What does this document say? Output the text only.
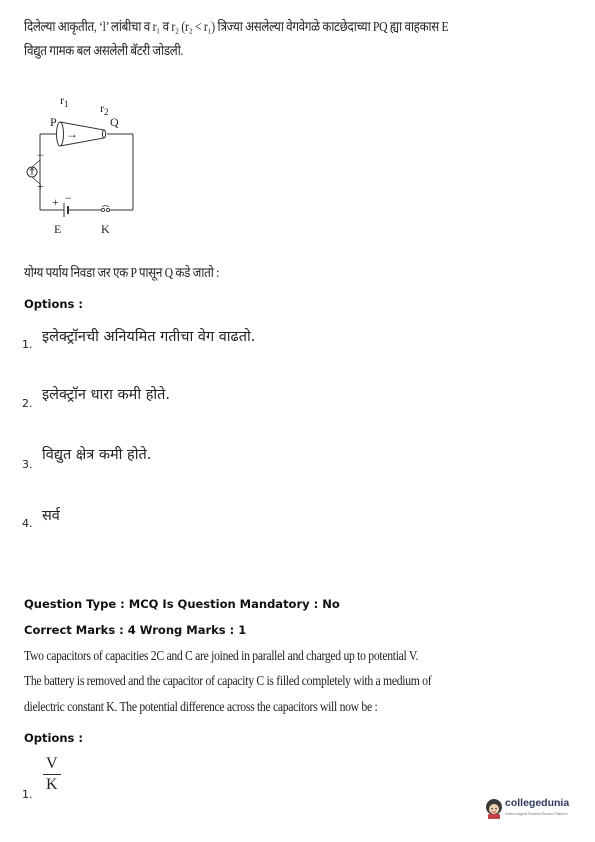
दिलेल्या आकृतीत, ‘l’ लांबीचा व r₁ व r₂ (r₂ < r₁) त्रिज्या असलेल्या वेगवेगळे काटछेदाच्या PQ ह्या वाहकास E
विद्युत गामक बल असलेली बॅटरी जोडली.
→
$r_1$	$r_2$
P	Q
−
+
+ −
E	K
योग्य पर्याय निवडा जर एक P पासून Q कडे जातो :
Options :
1. इलेक्ट्रॉनची अनियमित गतीचा वेग वाढतो.
2.
इलेक्ट्रॉन धारा कमी होते.
3.
विद्युत क्षेत्र कमी होते.
4. सर्व
Question Type : MCQ Is Question Mandatory : No
Correct Marks : 4 Wrong Marks : 1
Two capacitors of capacities 2C and C are joined in parallel and charged up to potential V.
The battery is removed and the capacitor of capacity C is filled completely with a medium of
dielectric constant K. The potential difference across the capacitors will now be :
Options :
1. $\frac{V}{K}$
collegedunia
India's largest Student Review Platform
